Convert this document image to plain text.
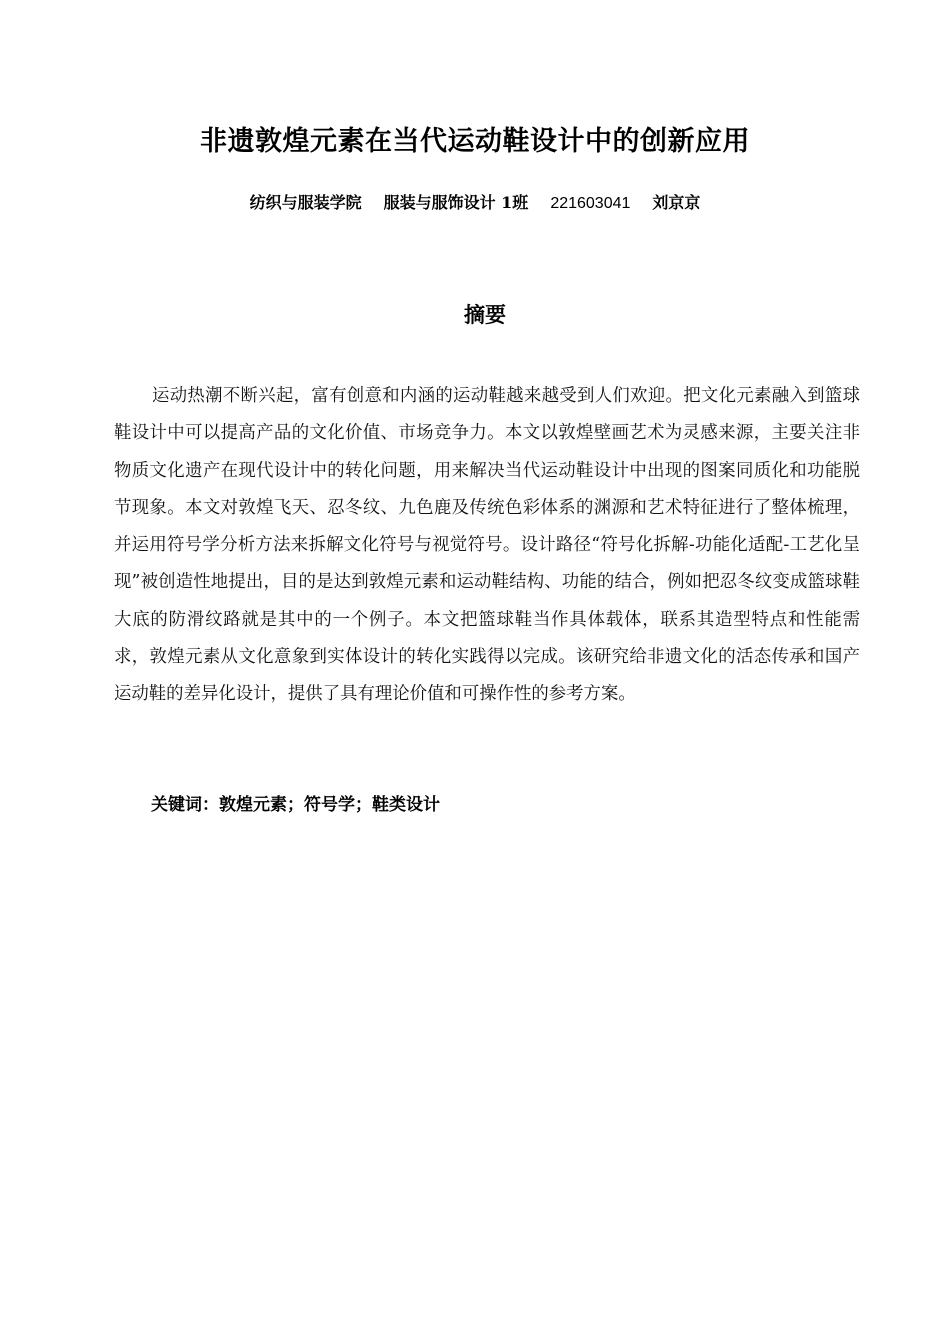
非遗敦煌元素在当代运动鞋设计中的创新应用
纺织与服装学院 服装与服饰设计 1班 221603041 刘京京
摘要

运动热潮不断兴起，富有创意和内涵的运动鞋越来越受到人们欢迎。把文化元素融入到篮球鞋设计中可以提高产品的文化价值、市场竞争力。本文以敦煌壁画艺术为灵感来源，主要关注非物质文化遗产在现代设计中的转化问题，用来解决当代运动鞋设计中出现的图案同质化和功能脱节现象。本文对敦煌飞天、忍冬纹、九色鹿及传统色彩体系的渊源和艺术特征进行了整体梳理，并运用符号学分析方法来拆解文化符号与视觉符号。设计路径“符号化拆解-功能化适配-工艺化呈现”被创造性地提出，目的是达到敦煌元素和运动鞋结构、功能的结合，例如把忍冬纹变成篮球鞋大底的防滑纹路就是其中的一个例子。本文把篮球鞋当作具体载体，联系其造型特点和性能需求，敦煌元素从文化意象到实体设计的转化实践得以完成。该研究给非遗文化的活态传承和国产运动鞋的差异化设计，提供了具有理论价值和可操作性的参考方案。

关键词：敦煌元素；符号学；鞋类设计
